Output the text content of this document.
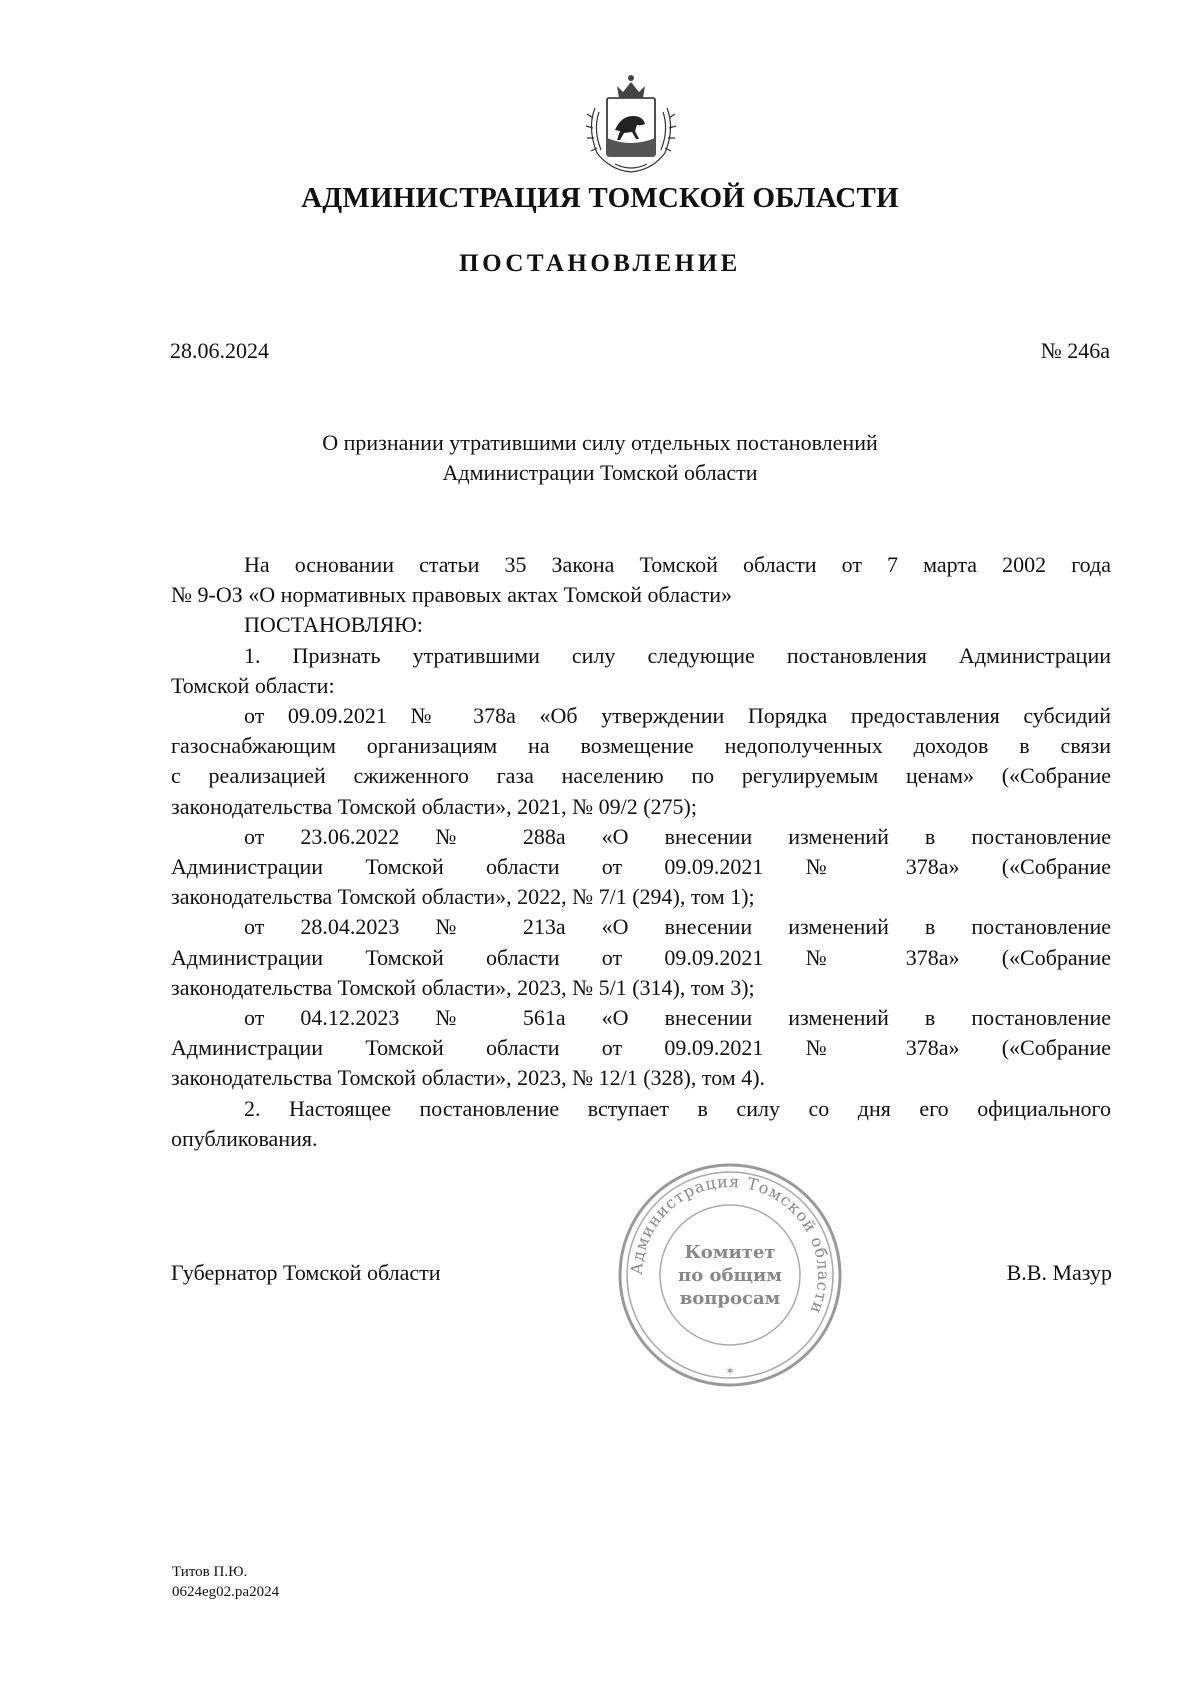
АДМИНИСТРАЦИЯ ТОМСКОЙ ОБЛАСТИ
ПОСТАНОВЛЕНИЕ
28.06.2024	№ 246а
О признании утратившими силу отдельных постановлений
Администрации Томской области

На основании статьи 35 Закона Томской области от 7 марта 2002 года
№ 9-ОЗ «О нормативных правовых актах Томской области»

ПОСТАНОВЛЯЮ:

1. Признать утратившими силу следующие постановления Администрации
Томской области:

от 09.09.2021 № 378а «Об утверждении Порядка предоставления субсидий
газоснабжающим организациям на возмещение недополученных доходов в связи
с реализацией сжиженного газа населению по регулируемым ценам» («Собрание
законодательства Томской области», 2021, № 09/2 (275);

от 23.06.2022 № 288а «О внесении изменений в постановление
Администрации Томской области от 09.09.2021 № 378а» («Собрание
законодательства Томской области», 2022, № 7/1 (294), том 1);

от 28.04.2023 № 213а «О внесении изменений в постановление
Администрации Томской области от 09.09.2021 № 378а» («Собрание
законодательства Томской области», 2023, № 5/1 (314), том 3);

от 04.12.2023 № 561а «О внесении изменений в постановление
Администрации Томской области от 09.09.2021 № 378а» («Собрание
законодательства Томской области», 2023, № 12/1 (328), том 4).

2. Настоящее постановление вступает в силу со дня его официального
опубликования.

Администрация Томской области
Комитет
по общим
вопросам
✶
Губернатор Томской области	В.В. Мазур
Титов П.Ю.
0624eg02.pa2024
